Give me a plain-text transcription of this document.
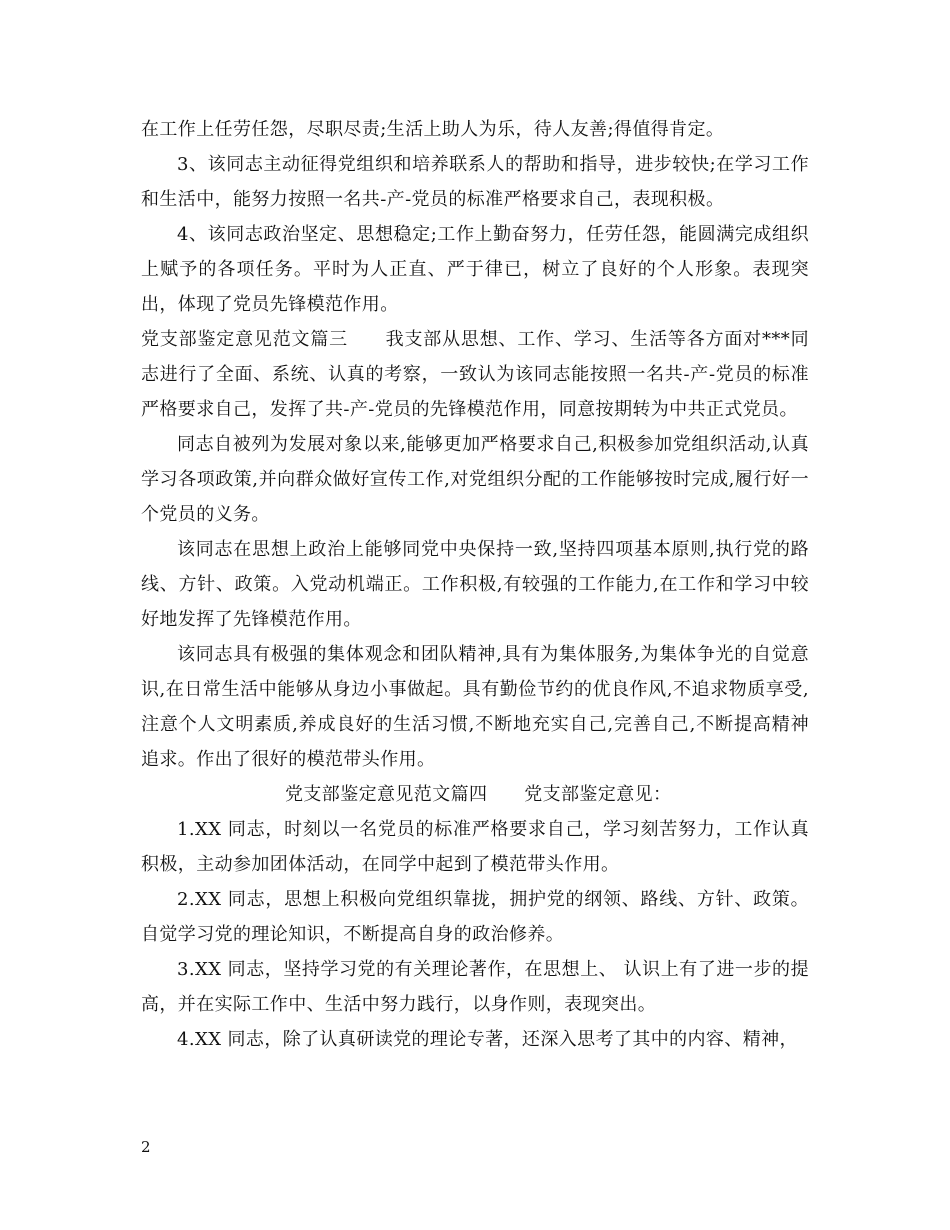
在工作上任劳任怨，尽职尽责;生活上助人为乐，待人友善;得值得肯定。

3、该同志主动征得党组织和培养联系人的帮助和指导，进步较快;在学习工作和生活中，能努力按照一名共-产-党员的标准严格要求自己，表现积极。

4、该同志政治坚定、思想稳定;工作上勤奋努力，任劳任怨，能圆满完成组织上赋予的各项任务。平时为人正直、严于律已，树立了良好的个人形象。表现突出，体现了党员先锋模范作用。

党支部鉴定意见范文篇三　　我支部从思想、工作、学习、生活等各方面对***同志进行了全面、系统、认真的考察，一致认为该同志能按照一名共-产-党员的标准严格要求自己，发挥了共-产-党员的先锋模范作用，同意按期转为中共正式党员。

同志自被列为发展对象以来,能够更加严格要求自己,积极参加党组织活动,认真学习各项政策,并向群众做好宣传工作,对党组织分配的工作能够按时完成,履行好一个党员的义务。

该同志在思想上政治上能够同党中央保持一致,坚持四项基本原则,执行党的路线、方针、政策。入党动机端正。工作积极,有较强的工作能力,在工作和学习中较好地发挥了先锋模范作用。

该同志具有极强的集体观念和团队精神,具有为集体服务,为集体争光的自觉意识,在日常生活中能够从身边小事做起。具有勤俭节约的优良作风,不追求物质享受,注意个人文明素质,养成良好的生活习惯,不断地充实自己,完善自己,不断提高精神追求。作出了很好的模范带头作用。

党支部鉴定意见范文篇四　　党支部鉴定意见：

1.XX 同志，时刻以一名党员的标准严格要求自己，学习刻苦努力，工作认真积极，主动参加团体活动，在同学中起到了模范带头作用。

2.XX 同志，思想上积极向党组织靠拢，拥护党的纲领、路线、方针、政策。自觉学习党的理论知识，不断提高自身的政治修养。

3.XX 同志，坚持学习党的有关理论著作，在思想上、 认识上有了进一步的提高，并在实际工作中、生活中努力践行，以身作则，表现突出。

4.XX 同志，除了认真研读党的理论专著，还深入思考了其中的内容、精神，

2
